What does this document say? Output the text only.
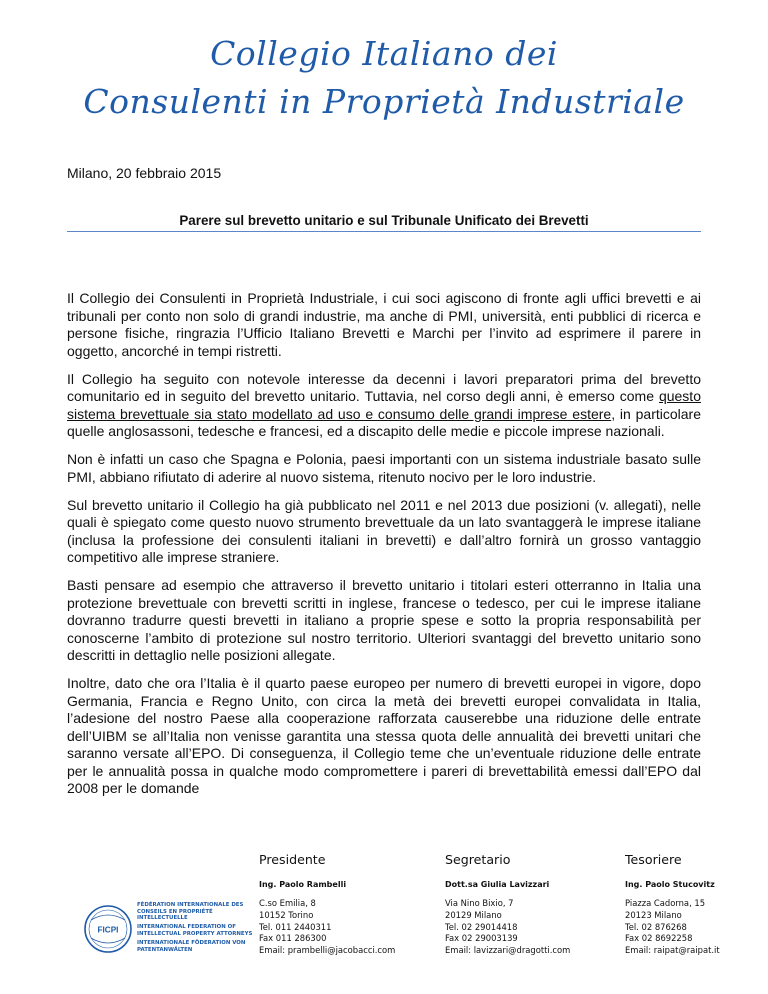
Collegio Italiano dei
Consulenti in Proprietà Industriale
Milano, 20 febbraio 2015
Parere sul brevetto unitario e sul Tribunale Unificato dei Brevetti

Il Collegio dei Consulenti in Proprietà Industriale, i cui soci agiscono di fronte agli uffici brevetti e ai tribunali per conto non solo di grandi industrie, ma anche di PMI, università, enti pubblici di ricerca e persone fisiche, ringrazia l’Ufficio Italiano Brevetti e Marchi per l’invito ad esprimere il parere in oggetto, ancorché in tempi ristretti.

Il Collegio ha seguito con notevole interesse da decenni i lavori preparatori prima del brevetto comunitario ed in seguito del brevetto unitario. Tuttavia, nel corso degli anni, è emerso come questo sistema brevettuale sia stato modellato ad uso e consumo delle grandi imprese estere, in particolare quelle anglosassoni, tedesche e francesi, ed a discapito delle medie e piccole imprese nazionali.

Non è infatti un caso che Spagna e Polonia, paesi importanti con un sistema industriale basato sulle PMI, abbiano rifiutato di aderire al nuovo sistema, ritenuto nocivo per le loro industrie.

Sul brevetto unitario il Collegio ha già pubblicato nel 2011 e nel 2013 due posizioni (v. allegati), nelle quali è spiegato come questo nuovo strumento brevettuale da un lato svantaggerà le imprese italiane (inclusa la professione dei consulenti italiani in brevetti) e dall’altro fornirà un grosso vantaggio competitivo alle imprese straniere.

Basti pensare ad esempio che attraverso il brevetto unitario i titolari esteri otterranno in Italia una protezione brevettuale con brevetti scritti in inglese, francese o tedesco, per cui le imprese italiane dovranno tradurre questi brevetti in italiano a proprie spese e sotto la propria responsabilità per conoscerne l’ambito di protezione sul nostro territorio. Ulteriori svantaggi del brevetto unitario sono descritti in dettaglio nelle posizioni allegate.

Inoltre, dato che ora l’Italia è il quarto paese europeo per numero di brevetti europei in vigore, dopo Germania, Francia e Regno Unito, con circa la metà dei brevetti europei convalidata in Italia, l’adesione del nostro Paese alla cooperazione rafforzata causerebbe una riduzione delle entrate dell’UIBM se all’Italia non venisse garantita una stessa quota delle annualità dei brevetti unitari che saranno versate all’EPO. Di conseguenza, il Collegio teme che un’eventuale riduzione delle entrate per le annualità possa in qualche modo compromettere i pareri di brevettabilità emessi dall’EPO dal 2008 per le domande

FICPI
FÉDÉRATION INTERNATIONALE DES CONSEILS EN PROPRIÉTÉ INTELLECTUELLE
INTERNATIONAL FEDERATION OF INTELLECTUAL PROPERTY ATTORNEYS
INTERNATIONALE FÖDERATION VON PATENTANWÄLTEN
Presidente
Ing. Paolo Rambelli
C.so Emilia, 8
10152 Torino
Tel. 011 2440311
Fax 011 286300
Email: prambelli@jacobacci.com
Segretario
Dott.sa Giulia Lavizzari
Via Nino Bixio, 7
20129 Milano
Tel. 02 29014418
Fax 02 29003139
Email: lavizzari@dragotti.com
Tesoriere
Ing. Paolo Stucovitz
Piazza Cadorna, 15
20123 Milano
Tel. 02 876268
Fax 02 8692258
Email: raipat@raipat.it
